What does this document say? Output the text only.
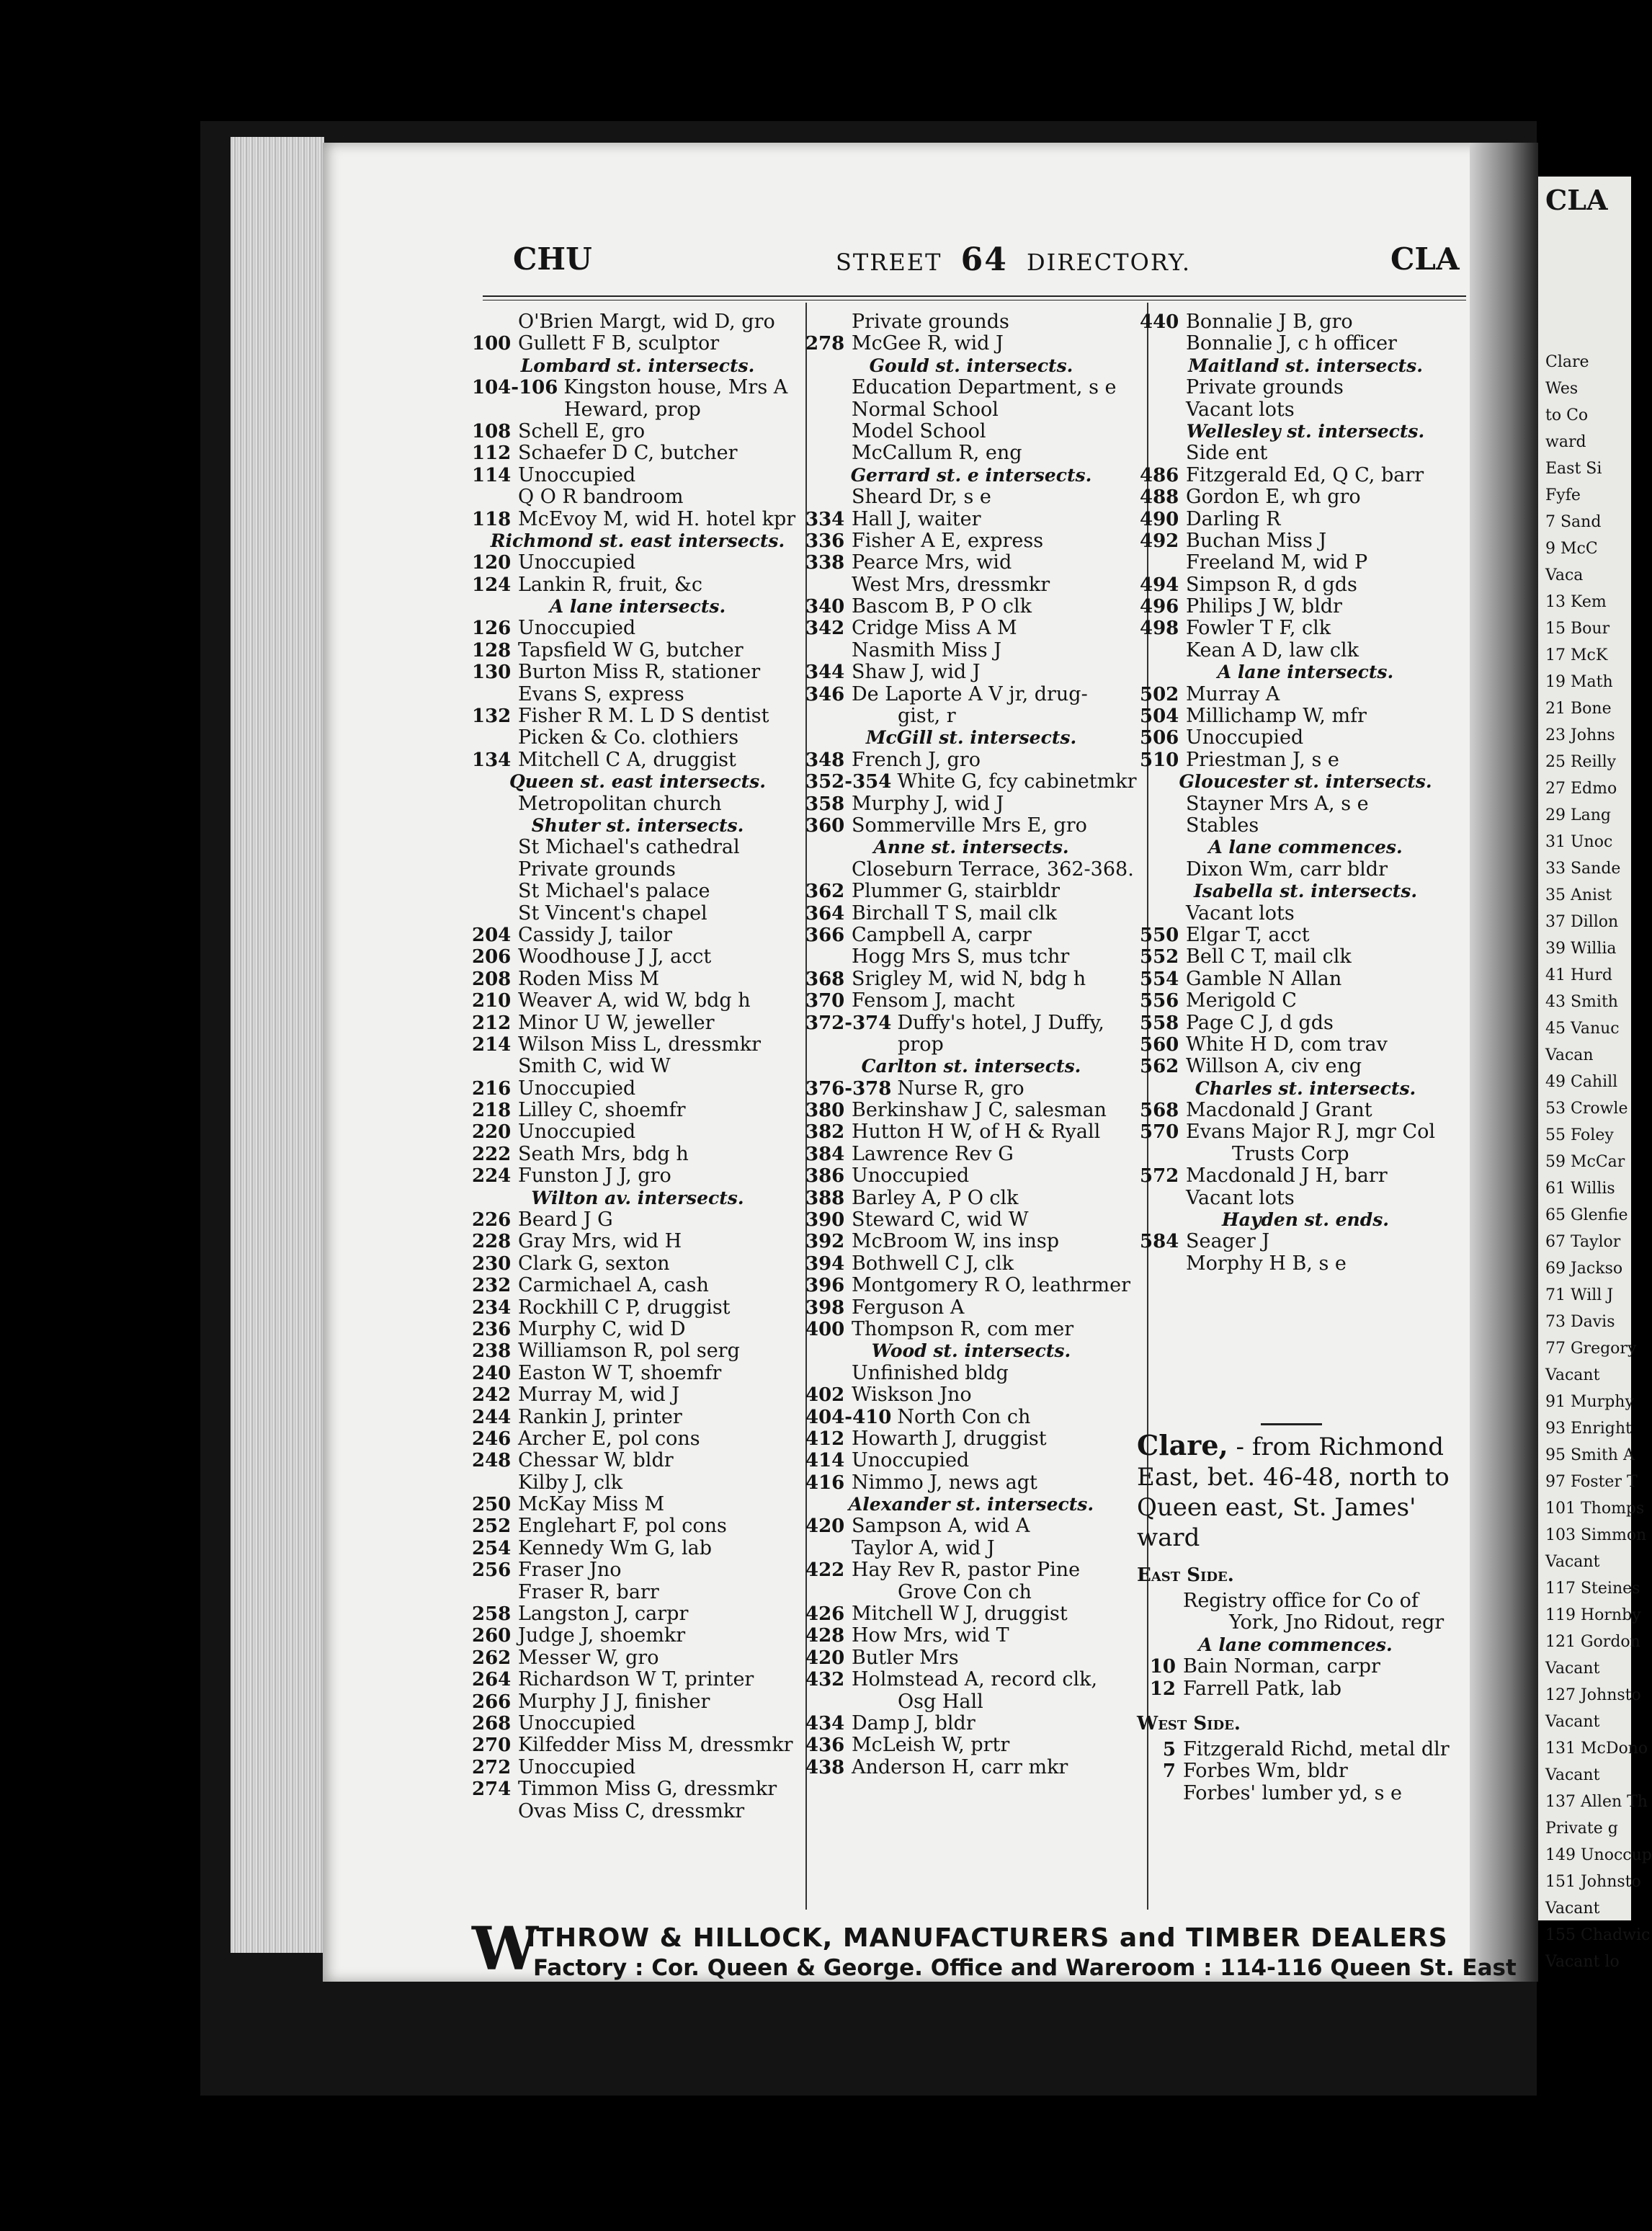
CLA
Clare
Wes
to Co
ward
East Si
Fyfe
7 Sand
9 McC
Vaca
13 Kem
15 Bour
17 McK
19 Math
21 Bone
23 Johns
25 Reilly
27 Edmo
29 Lang
31 Unoc
33 Sande
35 Anist
37 Dillon
39 Willia
41 Hurd
43 Smith
45 Vanuc
Vacan
49 Cahill
53 Crowle
55 Foley
59 McCar
61 Willis
65 Glenfie
67 Taylor
69 Jackso
71 Will J
73 Davis
77 Gregory
Vacant
91 Murphy
93 Enright
95 Smith A
97 Foster T
101 Thomps
103 Simmon
Vacant
117 Steines
119 Hornby
121 Gordon
Vacant
127 Johnsto
Vacant
131 McDono
Vacant
137 Allen Th
Private g
149 Unoccup
151 Johnsto
Vacant
155 Chadwic
Vacant lo
CHU	STREET 64 DIRECTORY.	CLA
O'Brien Margt, wid D, gro
100 Gullett F B, sculptor
Lombard st. intersects.
104-106 Kingston house, Mrs A
Heward, prop
108 Schell E, gro
112 Schaefer D C, butcher
114 Unoccupied
Q O R bandroom
118 McEvoy M, wid H. hotel kpr
Richmond st. east intersects.
120 Unoccupied
124 Lankin R, fruit, &c
A lane intersects.
126 Unoccupied
128 Tapsfield W G, butcher
130 Burton Miss R, stationer
Evans S, express
132 Fisher R M. L D S dentist
Picken & Co. clothiers
134 Mitchell C A, druggist
Queen st. east intersects.
Metropolitan church
Shuter st. intersects.
St Michael's cathedral
Private grounds
St Michael's palace
St Vincent's chapel
204 Cassidy J, tailor
206 Woodhouse J J, acct
208 Roden Miss M
210 Weaver A, wid W, bdg h
212 Minor U W, jeweller
214 Wilson Miss L, dressmkr
Smith C, wid W
216 Unoccupied
218 Lilley C, shoemfr
220 Unoccupied
222 Seath Mrs, bdg h
224 Funston J J, gro
Wilton av. intersects.
226 Beard J G
228 Gray Mrs, wid H
230 Clark G, sexton
232 Carmichael A, cash
234 Rockhill C P, druggist
236 Murphy C, wid D
238 Williamson R, pol serg
240 Easton W T, shoemfr
242 Murray M, wid J
244 Rankin J, printer
246 Archer E, pol cons
248 Chessar W, bldr
Kilby J, clk
250 McKay Miss M
252 Englehart F, pol cons
254 Kennedy Wm G, lab
256 Fraser Jno
Fraser R, barr
258 Langston J, carpr
260 Judge J, shoemkr
262 Messer W, gro
264 Richardson W T, printer
266 Murphy J J, finisher
268 Unoccupied
270 Kilfedder Miss M, dressmkr
272 Unoccupied
274 Timmon Miss G, dressmkr
Ovas Miss C, dressmkr
Private grounds
278 McGee R, wid J
Gould st. intersects.
Education Department, s e
Normal School
Model School
McCallum R, eng
Gerrard st. e intersects.
Sheard Dr, s e
334 Hall J, waiter
336 Fisher A E, express
338 Pearce Mrs, wid
West Mrs, dressmkr
340 Bascom B, P O clk
342 Cridge Miss A M
Nasmith Miss J
344 Shaw J, wid J
346 De Laporte A V jr, drug-
gist, r
McGill st. intersects.
348 French J, gro
352-354 White G, fcy cabinetmkr
358 Murphy J, wid J
360 Sommerville Mrs E, gro
Anne st. intersects.
Closeburn Terrace, 362-368.
362 Plummer G, stairbldr
364 Birchall T S, mail clk
366 Campbell A, carpr
Hogg Mrs S, mus tchr
368 Srigley M, wid N, bdg h
370 Fensom J, macht
372-374 Duffy's hotel, J Duffy,
prop
Carlton st. intersects.
376-378 Nurse R, gro
380 Berkinshaw J C, salesman
382 Hutton H W, of H & Ryall
384 Lawrence Rev G
386 Unoccupied
388 Barley A, P O clk
390 Steward C, wid W
392 McBroom W, ins insp
394 Bothwell C J, clk
396 Montgomery R O, leathrmer
398 Ferguson A
400 Thompson R, com mer
Wood st. intersects.
Unfinished bldg
402 Wiskson Jno
404-410 North Con ch
412 Howarth J, druggist
414 Unoccupied
416 Nimmo J, news agt
Alexander st. intersects.
420 Sampson A, wid A
Taylor A, wid J
422 Hay Rev R, pastor Pine
Grove Con ch
426 Mitchell W J, druggist
428 How Mrs, wid T
420 Butler Mrs
432 Holmstead A, record clk,
Osg Hall
434 Damp J, bldr
436 McLeish W, prtr
438 Anderson H, carr mkr
440 Bonnalie J B, gro
Bonnalie J, c h officer
Maitland st. intersects.
Private grounds
Vacant lots
Wellesley st. intersects.
Side ent
486 Fitzgerald Ed, Q C, barr
488 Gordon E, wh gro
490 Darling R
492 Buchan Miss J
Freeland M, wid P
494 Simpson R, d gds
496 Philips J W, bldr
498 Fowler T F, clk
Kean A D, law clk
A lane intersects.
502 Murray A
504 Millichamp W, mfr
506 Unoccupied
510 Priestman J, s e
Gloucester st. intersects.
Stayner Mrs A, s e
Stables
A lane commences.
Dixon Wm, carr bldr
Isabella st. intersects.
Vacant lots
550 Elgar T, acct
552 Bell C T, mail clk
554 Gamble N Allan
556 Merigold C
558 Page C J, d gds
560 White H D, com trav
562 Willson A, civ eng
Charles st. intersects.
568 Macdonald J Grant
570 Evans Major R J, mgr Col
Trusts Corp
572 Macdonald J H, barr
Vacant lots
Hayden st. ends.
584 Seager J
Morphy H B, s e
Clare, - from Richmond
East, bet. 46-48, north to
Queen east, St. James'
ward
East Side.
Registry office for Co of
York, Jno Ridout, regr
A lane commences.
10 Bain Norman, carpr
12 Farrell Patk, lab
West Side.
5 Fitzgerald Richd, metal dlr
7 Forbes Wm, bldr
Forbes' lumber yd, s e
W
ITHROW & HILLOCK, MANUFACTURERS and TIMBER DEALERS
Factory : Cor. Queen & George. Office and Wareroom : 114-116 Queen St. East
